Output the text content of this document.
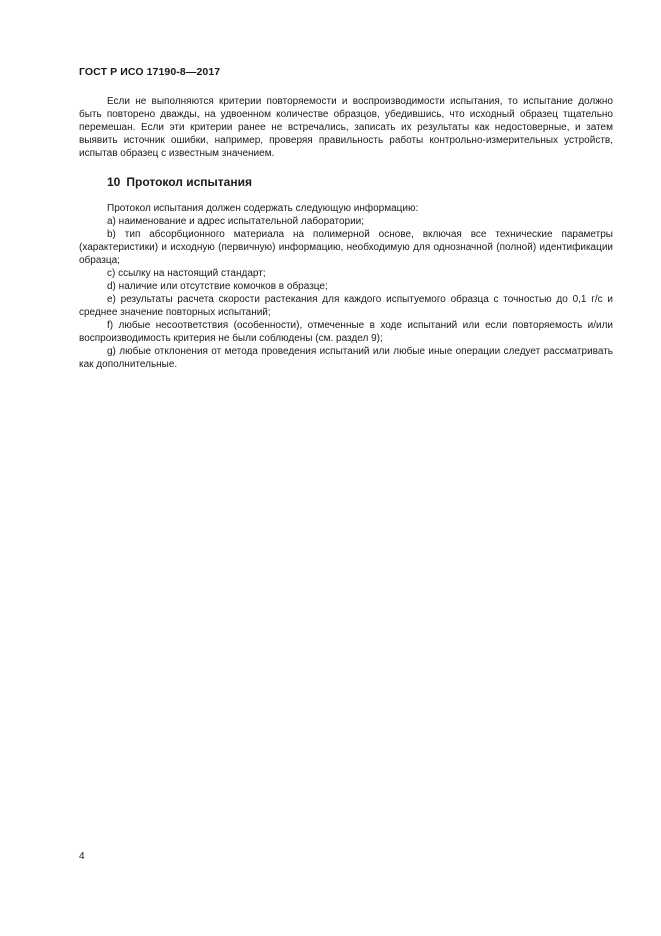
ГОСТ Р ИСО 17190-8—2017

Если не выполняются критерии повторяемости и воспроизводимости испытания, то испытание должно быть повторено дважды, на удвоенном количестве образцов, убедившись, что исходный образец тщательно перемешан. Если эти критерии ранее не встречались, записать их результаты как недостоверные, и затем выявить источник ошибки, например, проверяя правильность работы контрольно-измерительных устройств, испытав образец с известным значением.

10 Протокол испытания

Протокол испытания должен содержать следующую информацию:

a) наименование и адрес испытательной лаборатории;

b) тип абсорбционного материала на полимерной основе, включая все технические параметры (характеристики) и исходную (первичную) информацию, необходимую для однозначной (полной) идентификации образца;

c) ссылку на настоящий стандарт;

d) наличие или отсутствие комочков в образце;

e) результаты расчета скорости растекания для каждого испытуемого образца с точностью до 0,1 г/с и среднее значение повторных испытаний;

f) любые несоответствия (особенности), отмеченные в ходе испытаний или если повторяемость и/или воспроизводимость критерия не были соблюдены (см. раздел 9);

g) любые отклонения от метода проведения испытаний или любые иные операции следует рассматривать как дополнительные.

4
